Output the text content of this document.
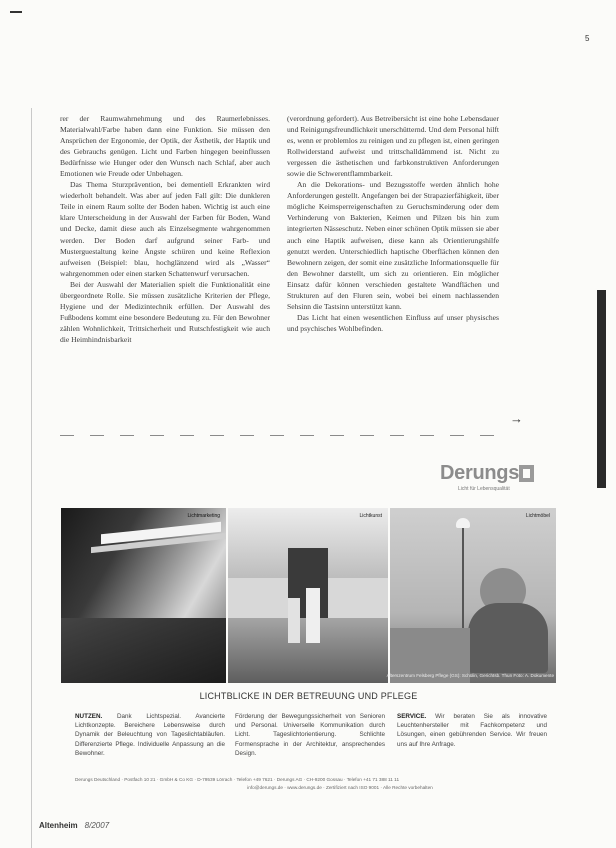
5

rer der Raumwahrnehmung und des Raumerlebnisses. Materialwahl/Farbe haben dann eine Funktion. Sie müssen den Ansprüchen der Ergonomie, der Optik, der Ästhetik, der Haptik und des Gebrauchs genügen. Licht und Farben hingegen beeinflussen Bedürfnisse wie Hunger oder den Wunsch nach Schlaf, aber auch Emotionen wie Freude oder Unbehagen.

Das Thema Sturzprävention, bei dementiell Erkrankten wird wiederholt behandelt. Was aber auf jeden Fall gilt: Die dunkleren Teile in einem Raum sollte der Boden haben. Wichtig ist auch eine klare Unterscheidung in der Auswahl der Farben für Boden, Wand und Decke, damit diese auch als Einzelsegmente wahrgenommen werden. Der Boden darf aufgrund seiner Farb- und Musterguestaltung keine Ängste schüren und keine Reflexion aufweisen (Beispiel: blau, hochglänzend wird als „Wasser“ wahrgenommen oder einen starken Schattenwurf verursachen.

Bei der Auswahl der Materialien spielt die Funktionalität eine übergeordnete Rolle. Sie müssen zusätzliche Kriterien der Pflege, Hygiene und der Medizintechnik erfüllen. Der Auswahl des Fußbodens kommt eine besondere Bedeutung zu. Für den Bewohner zählen Wohnlichkeit, Trittsicherheit und Rutschfestigkeit wie auch die Heimhindnisbarkeit

(verordnung gefordert). Aus Betreibersicht ist eine hohe Lebensdauer und Reinigungsfreundlichkeit unerschütternd. Und dem Personal hilft es, wenn er problemlos zu reinigen und zu pflegen ist, einen geringen Rollwiderstand aufweist und trittschalldämmend ist. Nicht zu vergessen die ästhetischen und farbkonstruktiven Anforderungen sowie die Schwerentflammbarkeit.

An die Dekorations- und Bezugsstoffe werden ähnlich hohe Anforderungen gestellt. Angefangen bei der Strapazierfähigkeit, über mögliche Keimsperreigenschaften zu Geruchsminderung oder dem Verhinderung von Bakterien, Keimen und Pilzen bis hin zum integrierten Nässeschutz. Neben einer schönen Optik müssen sie aber auch eine Haptik aufweisen, diese kann als Orientierungshilfe genutzt werden. Unterschiedlich haptische Oberflächen können den Bewohnern zeigen, der somit eine zusätzliche Informationsquelle für den Bewohner darstellt, um sich zu orientieren. Ein möglicher Einsatz dafür können verschieden gestaltete Wandflächen und Strukturen auf den Fluren sein, wobei bei einem nachlassenden Sehsinn die Tastsinn unterstützt kann.

Das Licht hat einen wesentlichen Einfluss auf unser physisches und psychisches Wohlbefinden.

→
Derungs
Licht für Lebensqualität
Lichtmarketing	Lichtkunst	Lichtmöbel
Alterszentrum Felsberg Pflege (GS): Schülin, Gerichtsb. Thun Foto: A. Dokumente
LICHTBLICKE IN DER BETREUUNG UND PFLEGE
NUTZEN. Dank Lichtspezial. Avancierte Lichtkonzepte. Bereichere Lebensweise durch Dynamik der Beleuchtung von Tageslichtabläufen. Differenzierte Pflege. Individuelle Anpassung an die Bewohner.
Förderung der Bewegungssicherheit von Senioren und Personal. Universelle Kommunikation durch Licht. Tageslichtorientierung. Schlichte Formensprache in der Architektur, ansprechendes Design.
SERVICE. Wir beraten Sie als innovative Leuchtenhersteller mit Fachkompetenz und Lösungen, einen gebührenden Service. Wir freuen uns auf Ihre Anfrage.
Derungs Deutschland · Postfach 10 21 · GmbH & Co KG · D-79539 Lörrach · Telefon +49 7621 · Derungs AG · CH-9200 Gossau · Telefon +41 71 388 11 11
info@derungs.de · www.derungs.de · Zertifiziert nach ISO 9001 · Alle Rechte vorbehalten
Altenheim 8/2007
